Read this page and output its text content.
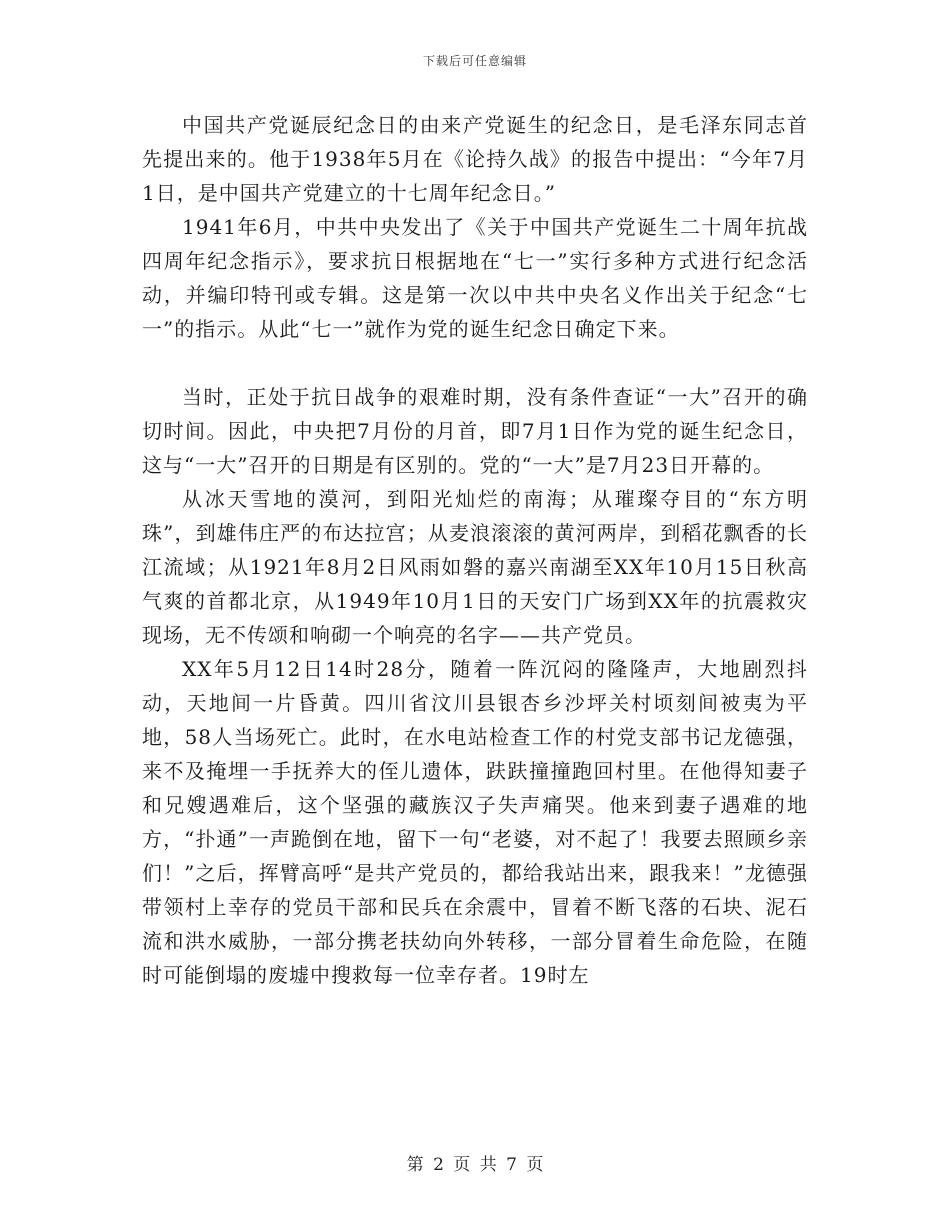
下载后可任意编辑

中国共产党诞辰纪念日的由来产党诞生的纪念日，是毛泽东同志首先提出来的。他于1938年5月在《论持久战》的报告中提出：“今年7月1日，是中国共产党建立的十七周年纪念日。”

1941年6月，中共中央发出了《关于中国共产党诞生二十周年抗战四周年纪念指示》，要求抗日根据地在“七一”实行多种方式进行纪念活动，并编印特刊或专辑。这是第一次以中共中央名义作出关于纪念“七一”的指示。从此“七一”就作为党的诞生纪念日确定下来。

当时，正处于抗日战争的艰难时期，没有条件查证“一大”召开的确切时间。因此，中央把7月份的月首，即7月1日作为党的诞生纪念日，这与“一大”召开的日期是有区别的。党的“一大”是7月23日开幕的。

从冰天雪地的漠河，到阳光灿烂的南海；从璀璨夺目的“东方明珠”，到雄伟庄严的布达拉宫；从麦浪滚滚的黄河两岸，到稻花飘香的长江流域；从1921年8月2日风雨如磐的嘉兴南湖至XX年10月15日秋高气爽的首都北京，从1949年10月1日的天安门广场到XX年的抗震救灾现场，无不传颂和响砌一个响亮的名字——共产党员。

XX年5月12日14时28分，随着一阵沉闷的隆隆声，大地剧烈抖动，天地间一片昏黄。四川省汶川县银杏乡沙坪关村顷刻间被夷为平地，58人当场死亡。此时，在水电站检查工作的村党支部书记龙德强，来不及掩埋一手抚养大的侄儿遗体，趺趺撞撞跑回村里。在他得知妻子和兄嫂遇难后，这个坚强的藏族汉子失声痛哭。他来到妻子遇难的地方，“扑通”一声跪倒在地，留下一句“老婆，对不起了！我要去照顾乡亲们！”之后，挥臂高呼“是共产党员的，都给我站出来，跟我来！”龙德强带领村上幸存的党员干部和民兵在余震中，冒着不断飞落的石块、泥石流和洪水威胁，一部分携老扶幼向外转移，一部分冒着生命危险，在随时可能倒塌的废墟中搜救每一位幸存者。19时左

第 2 页 共 7 页
